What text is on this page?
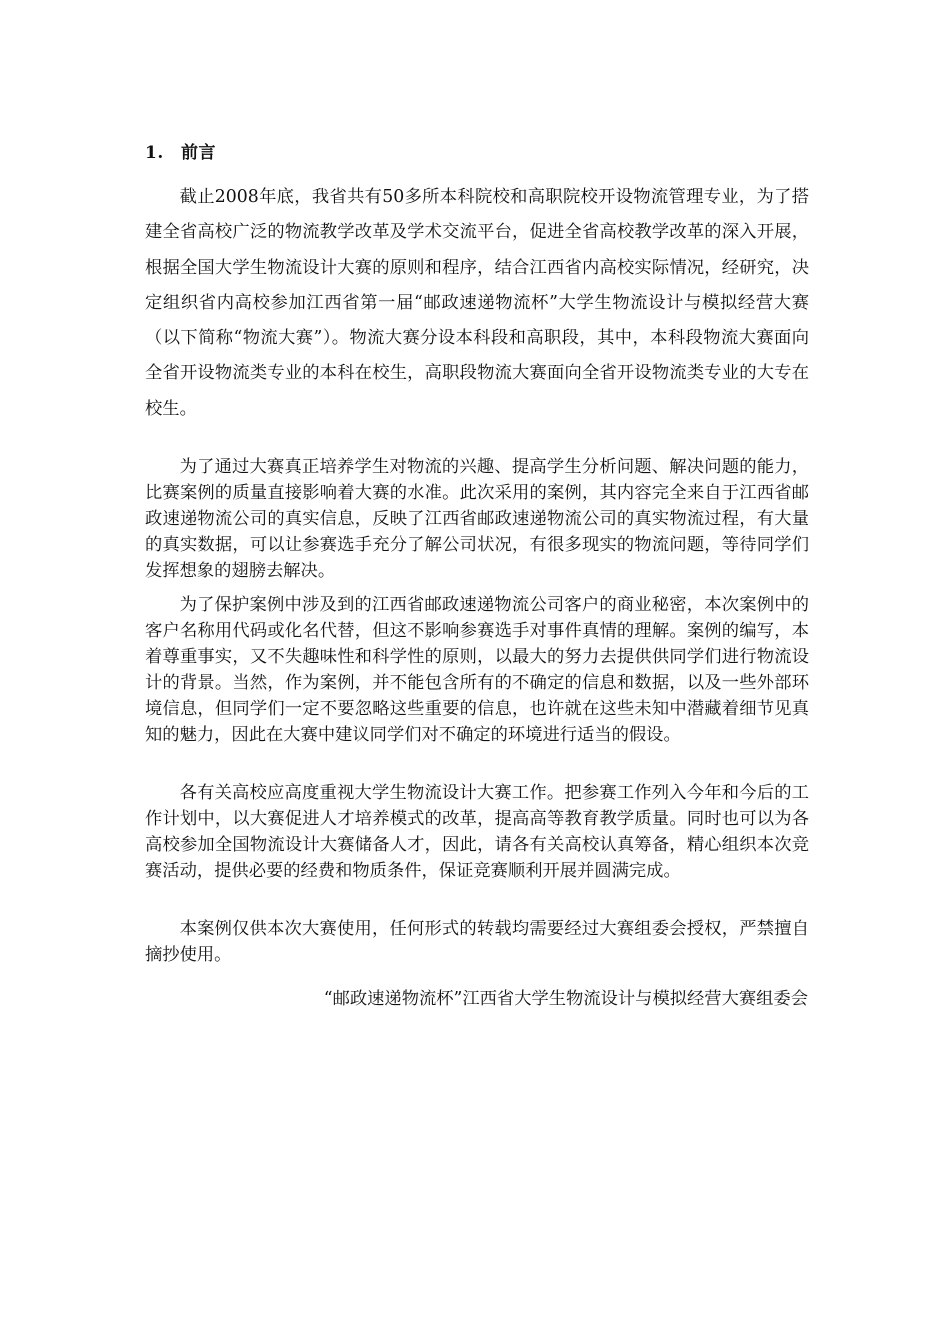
1. 前言

截止2008年底，我省共有50多所本科院校和高职院校开设物流管理专业，为了搭建全省高校广泛的物流教学改革及学术交流平台，促进全省高校教学改革的深入开展，根据全国大学生物流设计大赛的原则和程序，结合江西省内高校实际情况，经研究，决定组织省内高校参加江西省第一届“邮政速递物流杯”大学生物流设计与模拟经营大赛（以下简称“物流大赛”）。物流大赛分设本科段和高职段，其中，本科段物流大赛面向全省开设物流类专业的本科在校生，高职段物流大赛面向全省开设物流类专业的大专在校生。

为了通过大赛真正培养学生对物流的兴趣、提高学生分析问题、解决问题的能力，比赛案例的质量直接影响着大赛的水准。此次采用的案例，其内容完全来自于江西省邮政速递物流公司的真实信息，反映了江西省邮政速递物流公司的真实物流过程，有大量的真实数据，可以让参赛选手充分了解公司状况，有很多现实的物流问题，等待同学们发挥想象的翅膀去解决。

为了保护案例中涉及到的江西省邮政速递物流公司客户的商业秘密，本次案例中的客户名称用代码或化名代替，但这不影响参赛选手对事件真情的理解。案例的编写，本着尊重事实，又不失趣味性和科学性的原则，以最大的努力去提供供同学们进行物流设计的背景。当然，作为案例，并不能包含所有的不确定的信息和数据，以及一些外部环境信息，但同学们一定不要忽略这些重要的信息，也许就在这些未知中潜藏着细节见真知的魅力，因此在大赛中建议同学们对不确定的环境进行适当的假设。

各有关高校应高度重视大学生物流设计大赛工作。把参赛工作列入今年和今后的工作计划中，以大赛促进人才培养模式的改革，提高高等教育教学质量。同时也可以为各高校参加全国物流设计大赛储备人才，因此，请各有关高校认真筹备，精心组织本次竞赛活动，提供必要的经费和物质条件，保证竞赛顺利开展并圆满完成。

本案例仅供本次大赛使用，任何形式的转载均需要经过大赛组委会授权，严禁擅自摘抄使用。

“邮政速递物流杯”江西省大学生物流设计与模拟经营大赛组委会
